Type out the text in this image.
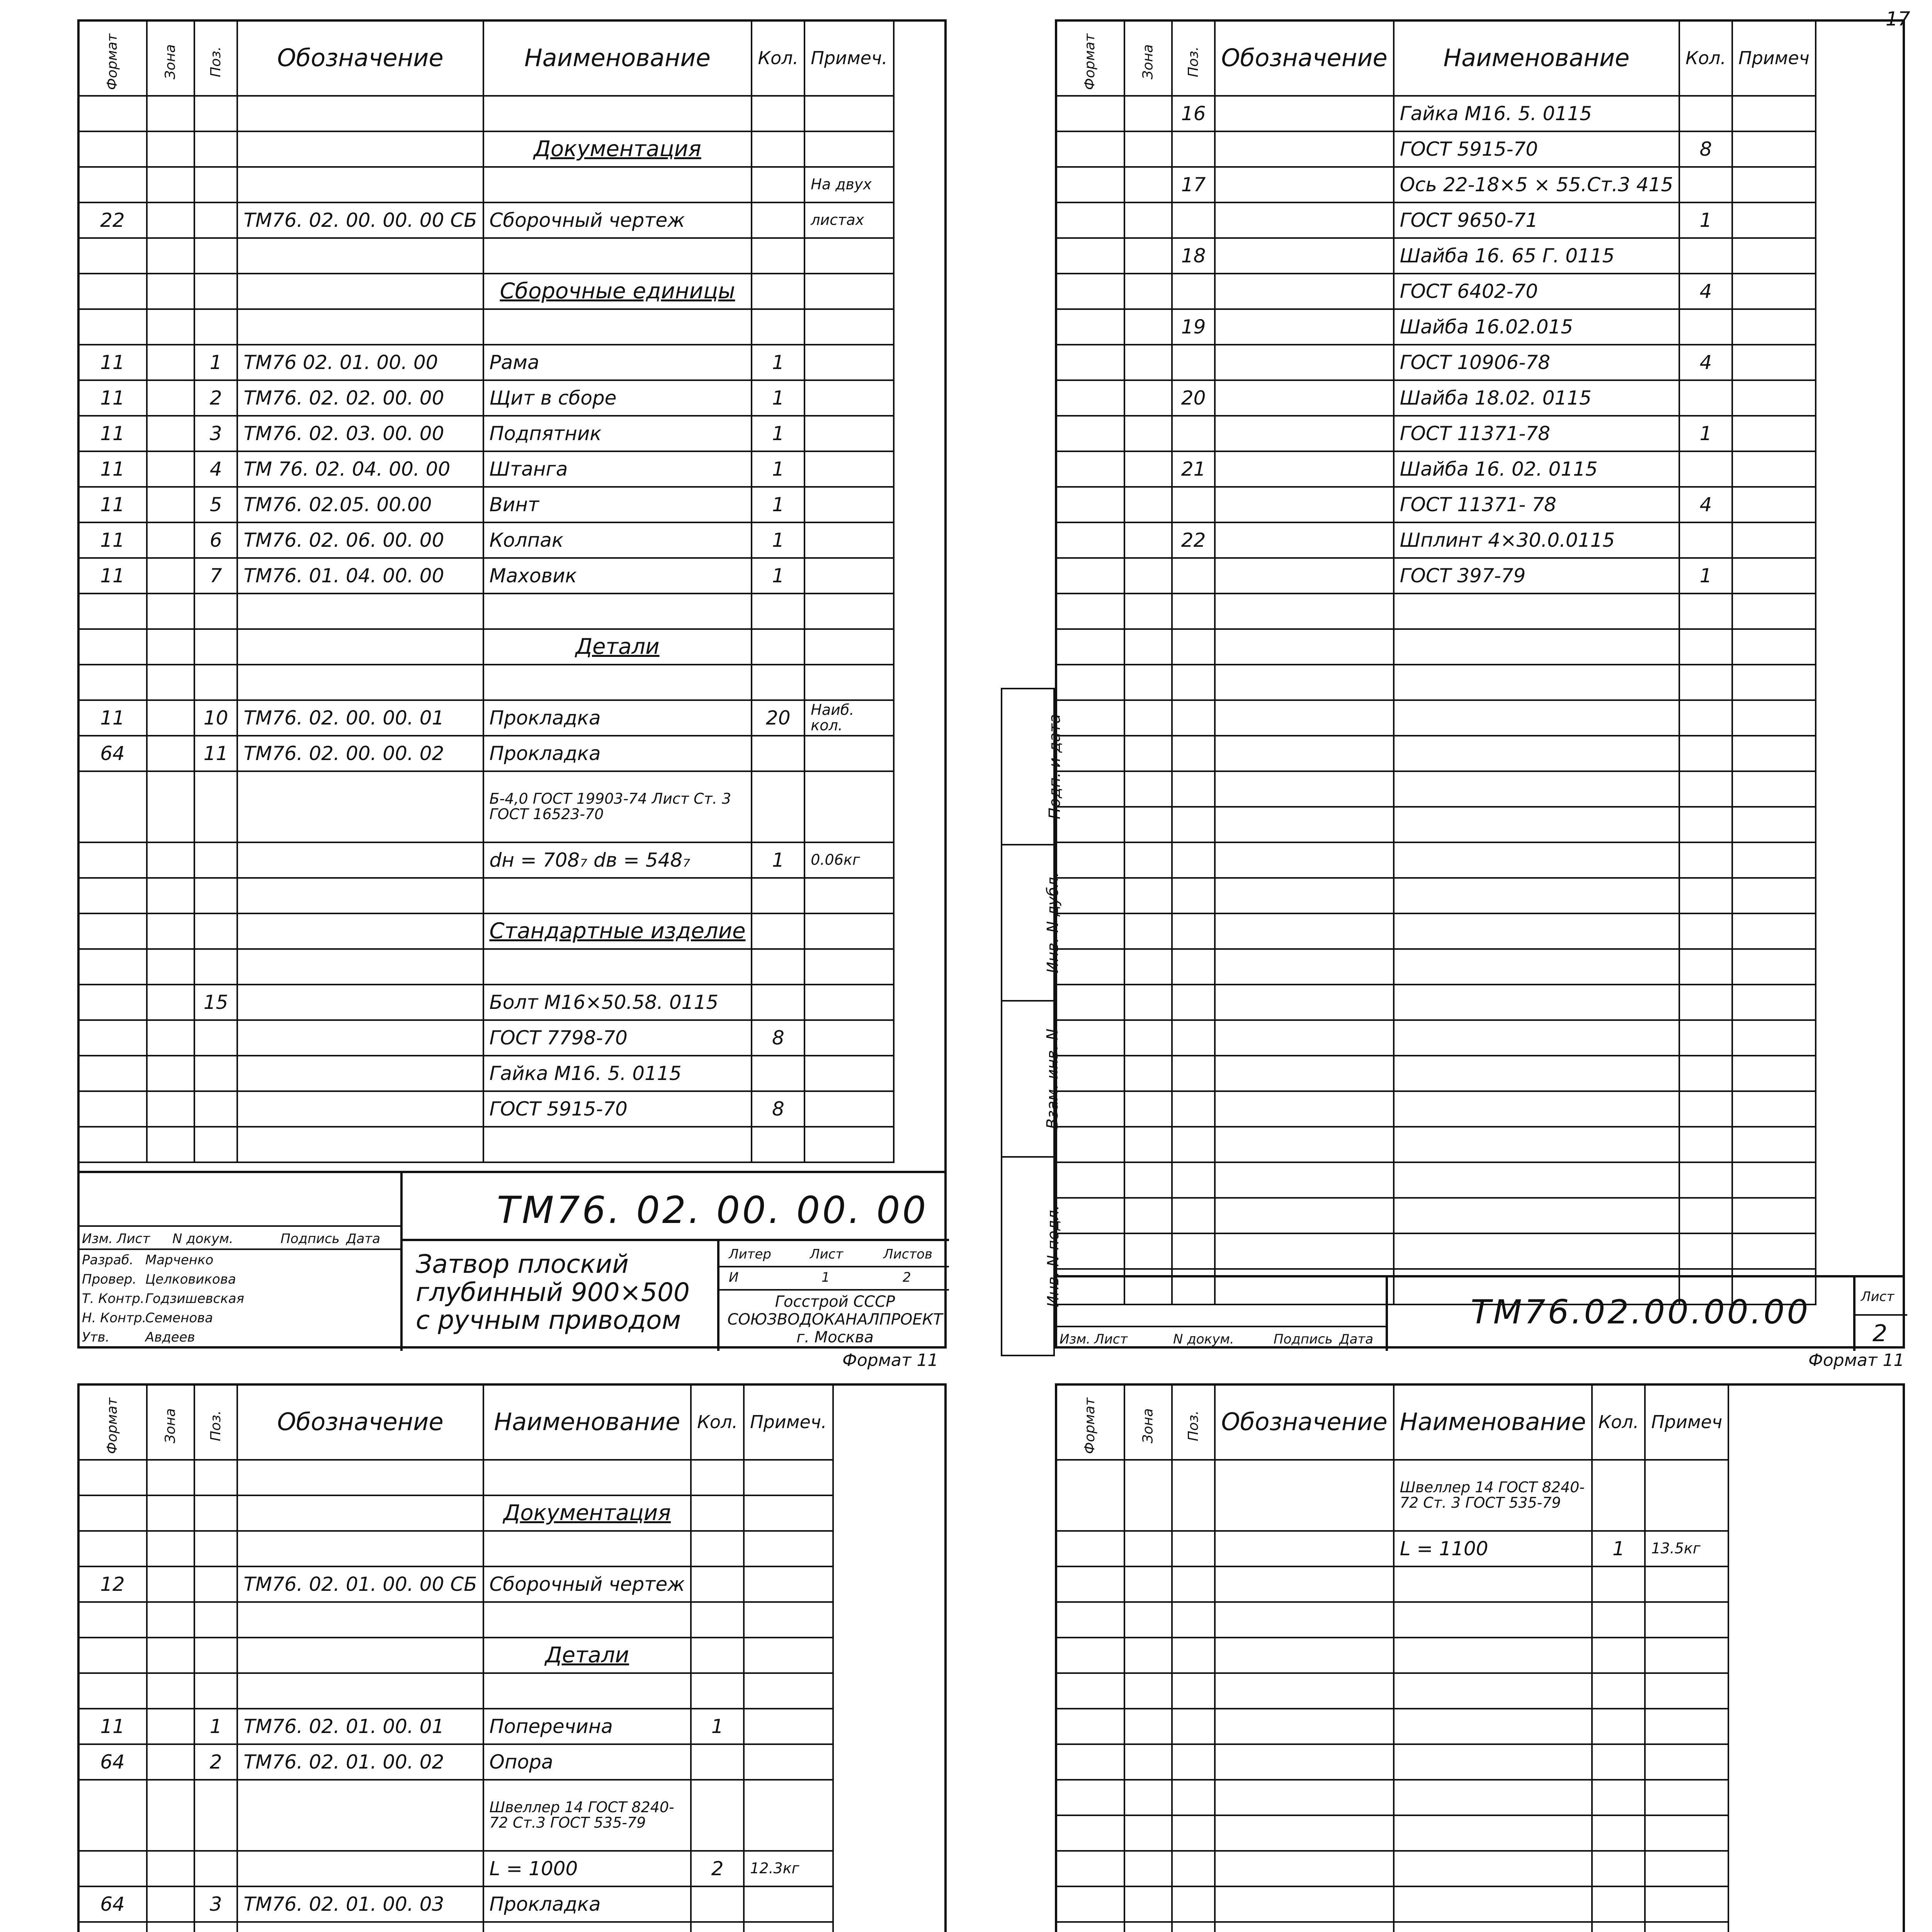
17
Формат	Зона	Поз.	Обозначение	Наименование	Кол.	Примеч.

				Документация		
						На двух
22			ТМ76. 02. 00. 00. 00 СБ	Сборочный чертеж		листах

				Сборочные единицы		

11		1	ТМ76 02. 01. 00. 00	Рама	1	
11		2	ТМ76. 02. 02. 00. 00	Щит в сборе	1	
11		3	ТМ76. 02. 03. 00. 00	Подпятник	1	
11		4	ТМ 76. 02. 04. 00. 00	Штанга	1	
11		5	ТМ76. 02.05. 00.00	Винт	1	
11		6	ТМ76. 02. 06. 00. 00	Колпак	1	
11		7	ТМ76. 01. 04. 00. 00	Маховик	1	

				Детали		

11		10	ТМ76. 02. 00. 00. 01	Прокладка	20	Наиб. кол.
64		11	ТМ76. 02. 00. 00. 02	Прокладка		
				Б-4,0 ГОСТ 19903-74 Лист Ст. 3 ГОСТ 16523-70		
				dн = 708₇ dв = 548₇	1	0.06кг

				Стандартные изделие		

		15		Болт М16×50.58. 0115		
				ГОСТ 7798-70	8	
				Гайка М16. 5. 0115		
				ГОСТ 5915-70	8	

Изм. Лист N докум.	Подпись Дата
Разраб. Марченко
Провер. Целковикова
Т. Контр. Годзишевская
Н. Контр.
Семенова
Утв.	Авдеев
ТМ76. 02. 00. 00. 00
Затвор плоский глубинный 900×500 с ручным приводом
Литер	Лист	Листов
И	1	2
Госстрой СССР
СОЮЗВОДОКАНАЛПРОЕКТ
г. Москва
Формат 11
Подп. и дата
Инв. N дубл.
Взам. инв. N
Инв. N подл.
Формат	Зона	Поз.	Обозначение	Наименование	Кол.	Примеч
		16		Гайка М16. 5. 0115		
				ГОСТ 5915-70	8	
		17		Ось 22-18×5 × 55.Ст.3 415		
				ГОСТ 9650-71	1	
		18		Шайба 16. 65 Г. 0115		
				ГОСТ 6402-70	4	
		19		Шайба 16.02.015		
				ГОСТ 10906-78	4	
		20		Шайба 18.02. 0115		
				ГОСТ 11371-78	1	
		21		Шайба 16. 02. 0115		
				ГОСТ 11371- 78	4	
		22		Шплинт 4×30.0.0115		
				ГОСТ 397-79	1	

Изм. Лист	N докум.	Подпись Дата
ТМ76.02.00.00.00	Лист
2
Формат 11
Формат	Зона	Поз.	Обозначение	Наименование	Кол.	Примеч.

				Документация		

12			ТМ76. 02. 01. 00. 00 СБ	Сборочный чертеж		

				Детали		

11		1	ТМ76. 02. 01. 00. 01	Поперечина	1	
64		2	ТМ76. 02. 01. 00. 02	Опора		
				Швеллер 14 ГОСТ 8240-72 Ст.3 ГОСТ 535-79		
				L = 1000	2	12.3кг
64		3	ТМ76. 02. 01. 00. 03	Прокладка		

Формат	Зона	Поз.	Обозначение	Наименование	Кол.	Примеч
				Швеллер 14 ГОСТ 8240-72 Ст. 3 ГОСТ 535-79		
				L = 1100	1	13.5кг
